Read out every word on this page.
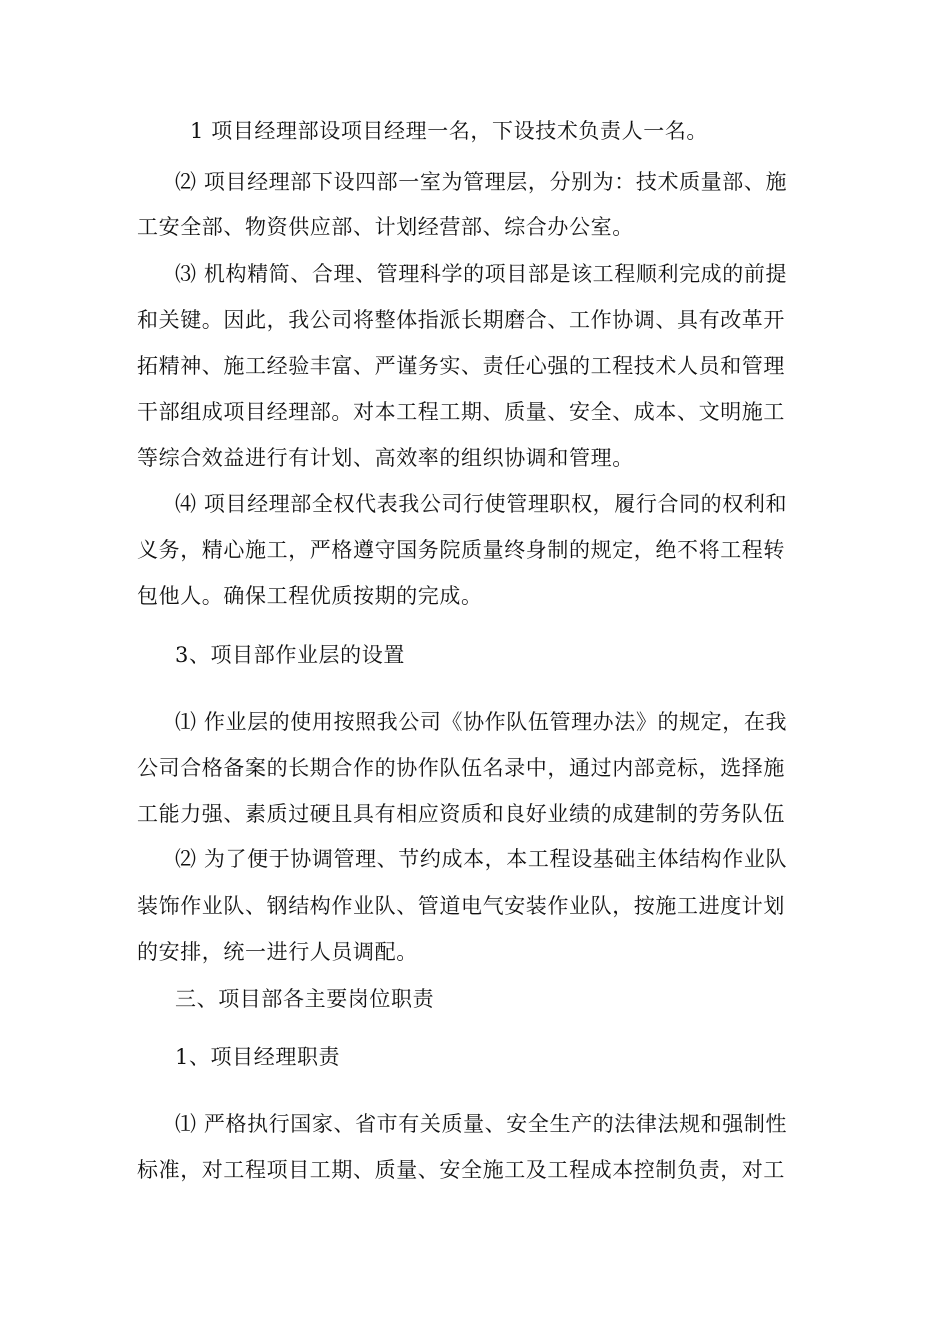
1 项目经理部设项目经理一名，下设技术负责人一名。
⑵ 项目经理部下设四部一室为管理层，分别为：技术质量部、施
工安全部、物资供应部、计划经营部、综合办公室。
⑶ 机构精简、合理、管理科学的项目部是该工程顺利完成的前提
和关键。因此，我公司将整体指派长期磨合、工作协调、具有改革开
拓精神、施工经验丰富、严谨务实、责任心强的工程技术人员和管理
干部组成项目经理部。对本工程工期、质量、安全、成本、文明施工
等综合效益进行有计划、高效率的组织协调和管理。
⑷ 项目经理部全权代表我公司行使管理职权，履行合同的权利和
义务，精心施工，严格遵守国务院质量终身制的规定，绝不将工程转
包他人。确保工程优质按期的完成。
3、项目部作业层的设置
⑴ 作业层的使用按照我公司《协作队伍管理办法》的规定，在我
公司合格备案的长期合作的协作队伍名录中，通过内部竞标，选择施
工能力强、素质过硬且具有相应资质和良好业绩的成建制的劳务队伍
⑵ 为了便于协调管理、节约成本，本工程设基础主体结构作业队
装饰作业队、钢结构作业队、管道电气安装作业队，按施工进度计划
的安排，统一进行人员调配。
三、项目部各主要岗位职责
1、项目经理职责
⑴ 严格执行国家、省市有关质量、安全生产的法律法规和强制性
标准，对工程项目工期、质量、安全施工及工程成本控制负责，对工
